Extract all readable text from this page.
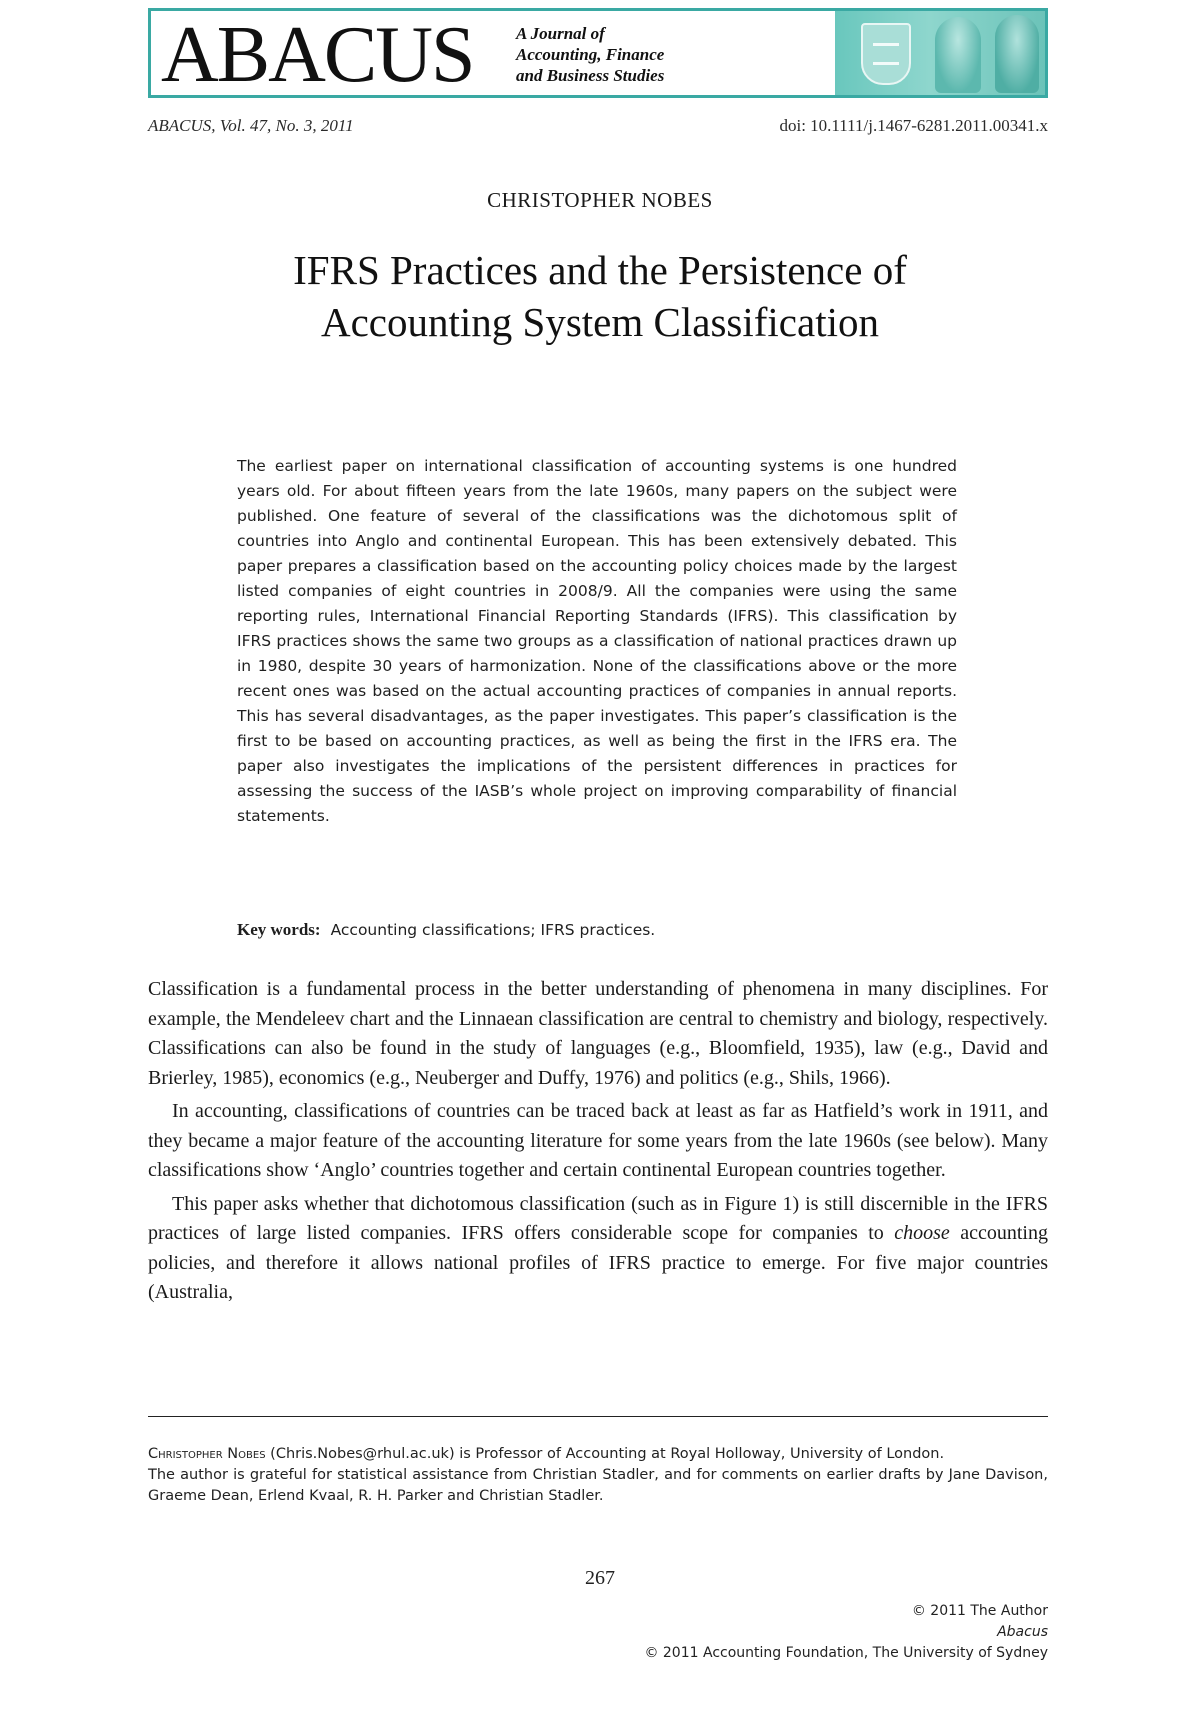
ABACUS A Journal of
Accounting, Finance
and Business Studies
ABACUS, Vol. 47, No. 3, 2011	doi: 10.1111/j.1467-6281.2011.00341.x
CHRISTOPHER NOBES
IFRS Practices and the Persistence of
Accounting System Classification

The earliest paper on international classification of accounting systems is one hundred years old. For about fifteen years from the late 1960s, many papers on the subject were published. One feature of several of the classifications was the dichotomous split of countries into Anglo and continental European. This has been extensively debated. This paper prepares a classification based on the accounting policy choices made by the largest listed companies of eight countries in 2008/9. All the companies were using the same reporting rules, International Financial Reporting Standards (IFRS). This classification by IFRS practices shows the same two groups as a classification of national practices drawn up in 1980, despite 30 years of harmonization. None of the classifications above or the more recent ones was based on the actual accounting practices of companies in annual reports. This has several disadvantages, as the paper investigates. This paper’s classification is the first to be based on accounting practices, as well as being the first in the IFRS era. The paper also investigates the implications of the persistent differences in practices for assessing the success of the IASB’s whole project on improving comparability of financial statements.

Key words: Accounting classifications; IFRS practices.

Classification is a fundamental process in the better understanding of phenomena in many disciplines. For example, the Mendeleev chart and the Linnaean classification are central to chemistry and biology, respectively. Classifications can also be found in the study of languages (e.g., Bloomfield, 1935), law (e.g., David and Brierley, 1985), economics (e.g., Neuberger and Duffy, 1976) and politics (e.g., Shils, 1966).

In accounting, classifications of countries can be traced back at least as far as Hatfield’s work in 1911, and they became a major feature of the accounting literature for some years from the late 1960s (see below). Many classifications show ‘Anglo’ countries together and certain continental European countries together.

This paper asks whether that dichotomous classification (such as in Figure 1) is still discernible in the IFRS practices of large listed companies. IFRS offers considerable scope for companies to choose accounting policies, and therefore it allows national profiles of IFRS practice to emerge. For five major countries (Australia,

Christopher Nobes (Chris.Nobes@rhul.ac.uk) is Professor of Accounting at Royal Holloway, University of London.

The author is grateful for statistical assistance from Christian Stadler, and for comments on earlier drafts by Jane Davison, Graeme Dean, Erlend Kvaal, R. H. Parker and Christian Stadler.

267
© 2011 The Author
Abacus
© 2011 Accounting Foundation, The University of Sydney
